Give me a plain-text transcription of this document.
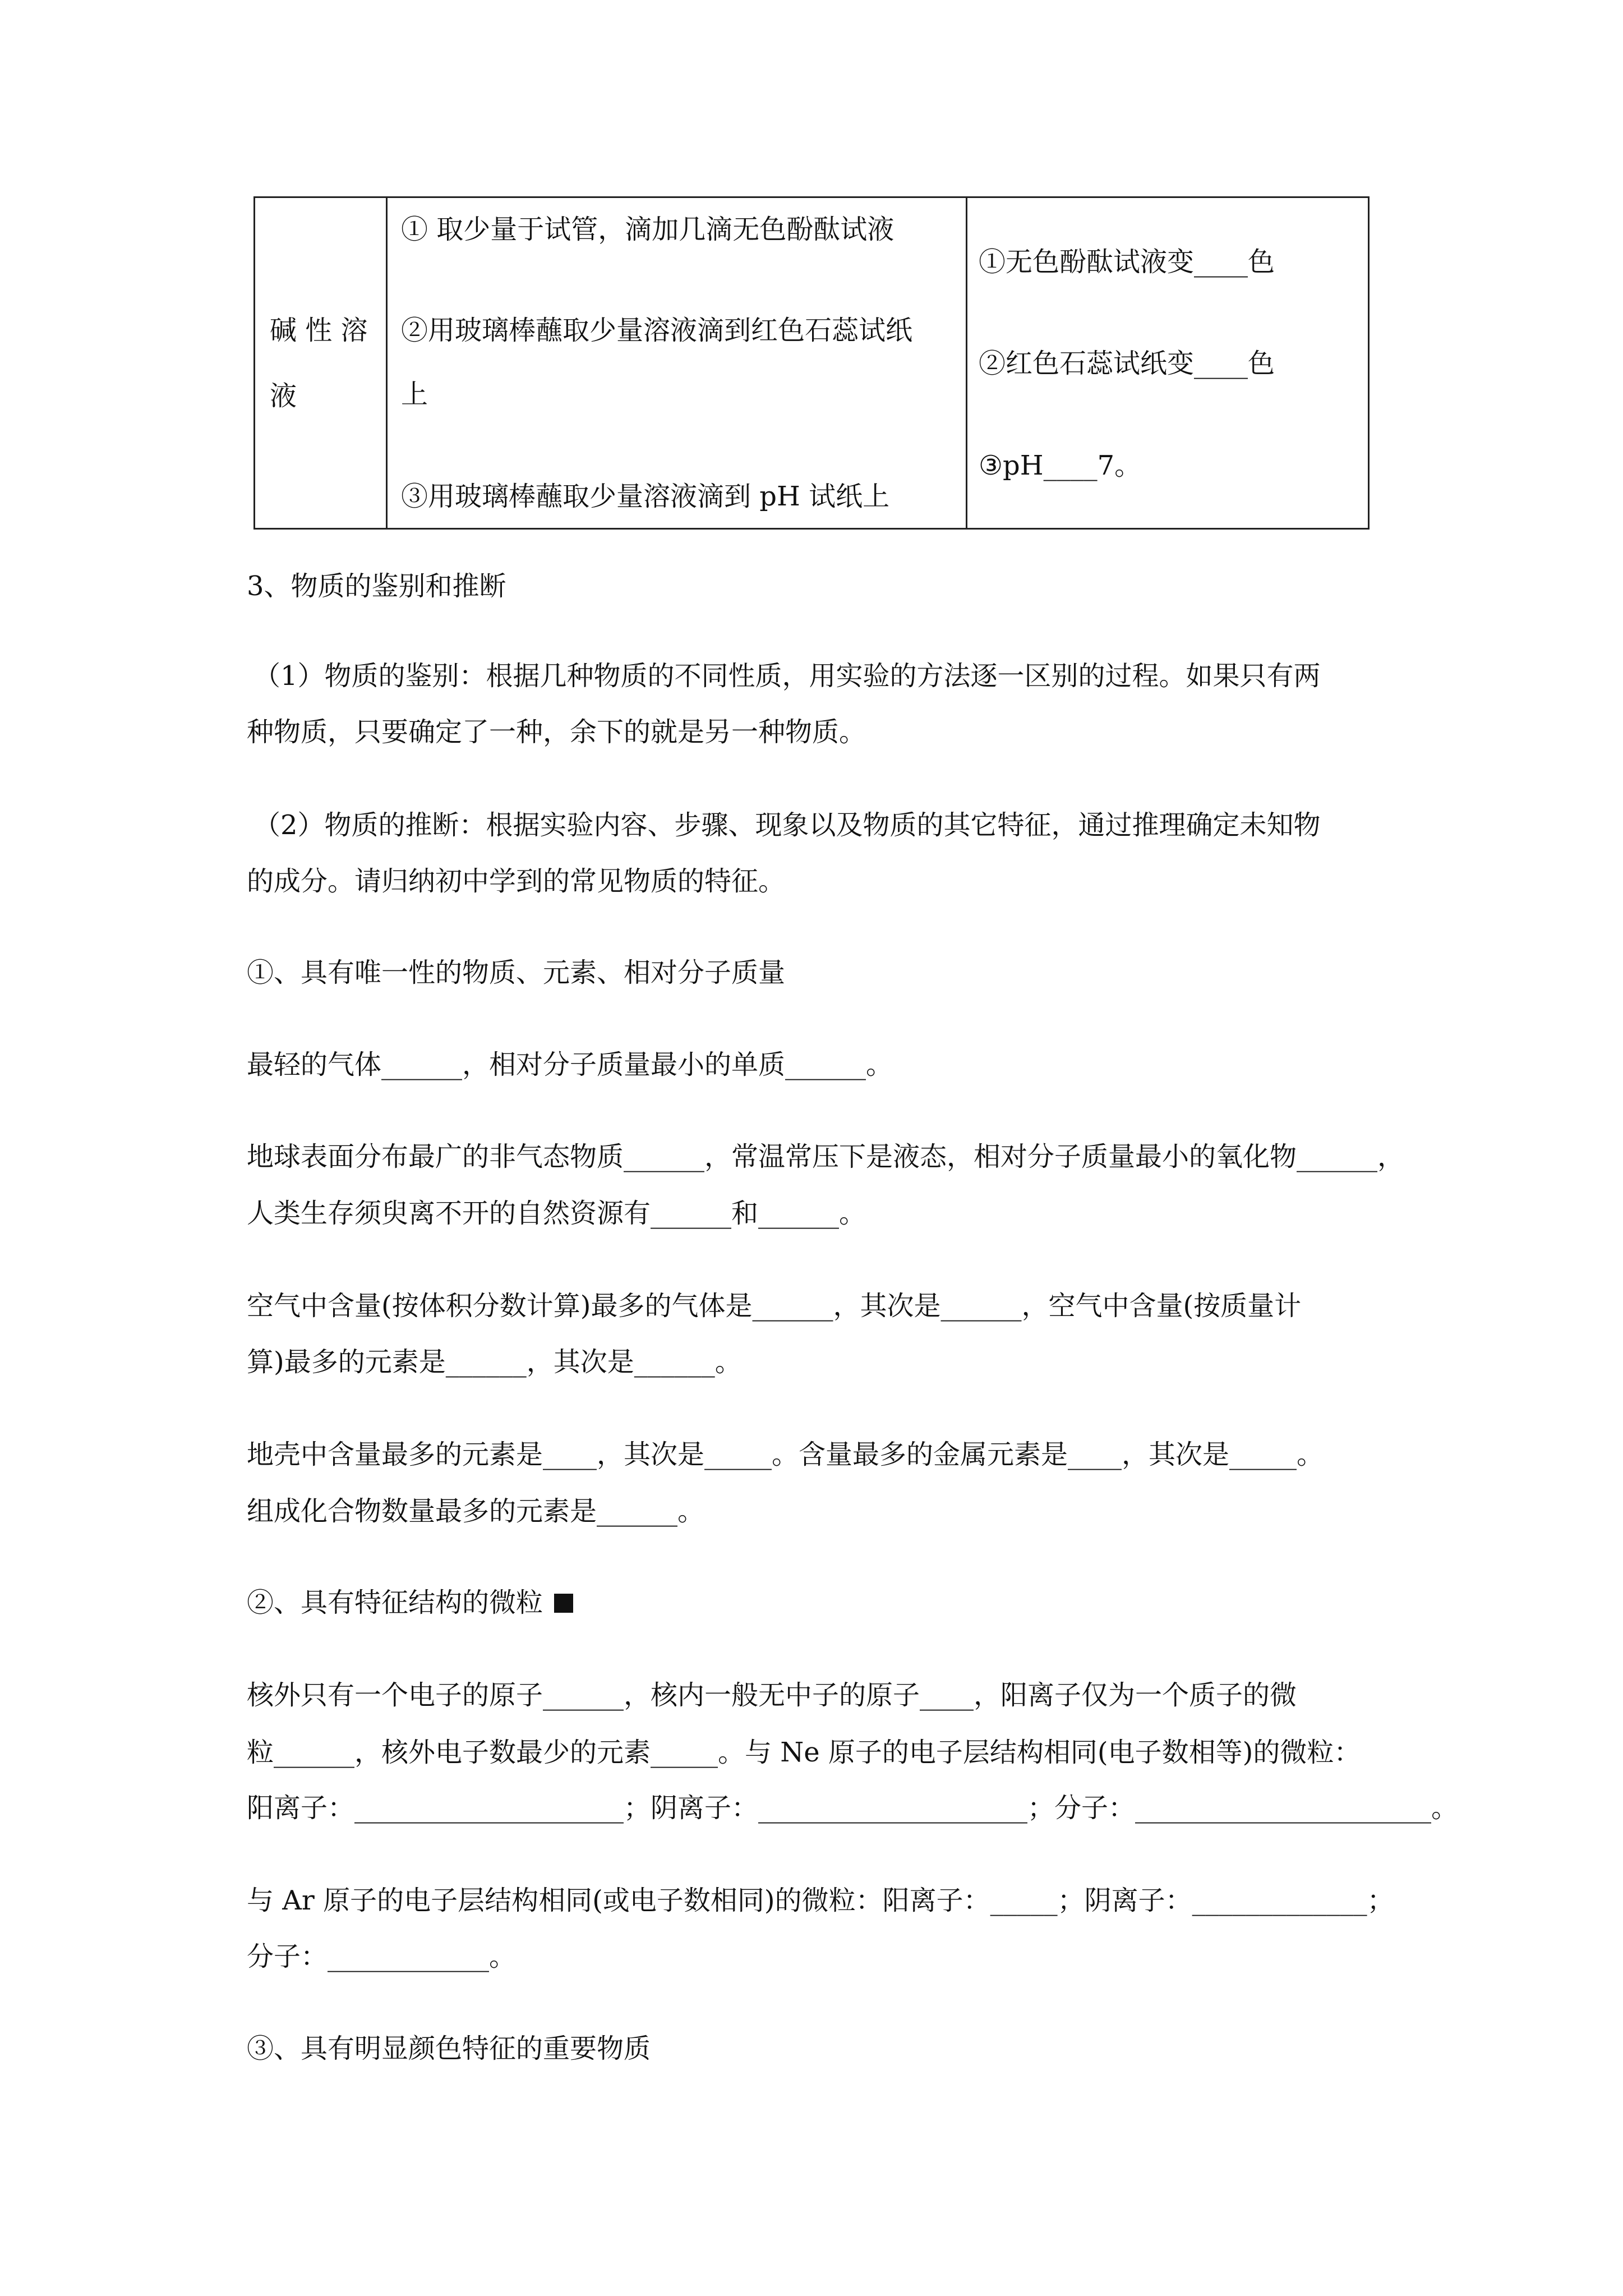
碱 性 溶
液
① 取少量于试管，滴加几滴无色酚酞试液
②用玻璃棒蘸取少量溶液滴到红色石蕊试纸
上
③用玻璃棒蘸取少量溶液滴到 pH 试纸上
①无色酚酞试液变____色
②红色石蕊试纸变____色
③pH____7。
3、物质的鉴别和推断
（1）物质的鉴别：根据几种物质的不同性质，用实验的方法逐一区别的过程。如果只有两
种物质，只要确定了一种，余下的就是另一种物质。
（2）物质的推断：根据实验内容、步骤、现象以及物质的其它特征，通过推理确定未知物
的成分。请归纳初中学到的常见物质的特征。
①、具有唯一性的物质、元素、相对分子质量
最轻的气体______，相对分子质量最小的单质______。
地球表面分布最广的非气态物质______，常温常压下是液态，相对分子质量最小的氧化物______，
人类生存须臾离不开的自然资源有______和______。
空气中含量(按体积分数计算)最多的气体是______，其次是______，空气中含量(按质量计
算)最多的元素是______，其次是______。
地壳中含量最多的元素是____，其次是_____。含量最多的金属元素是____，其次是_____。
组成化合物数量最多的元素是______。
②、具有特征结构的微粒
核外只有一个电子的原子______，核内一般无中子的原子____，阳离子仅为一个质子的微
粒______，核外电子数最少的元素_____。与 Ne 原子的电子层结构相同(电子数相等)的微粒：
阳离子：____________________；阴离子：____________________；分子：______________________。
与 Ar 原子的电子层结构相同(或电子数相同)的微粒：阳离子：_____；阴离子：_____________；
分子：____________。
③、具有明显颜色特征的重要物质
